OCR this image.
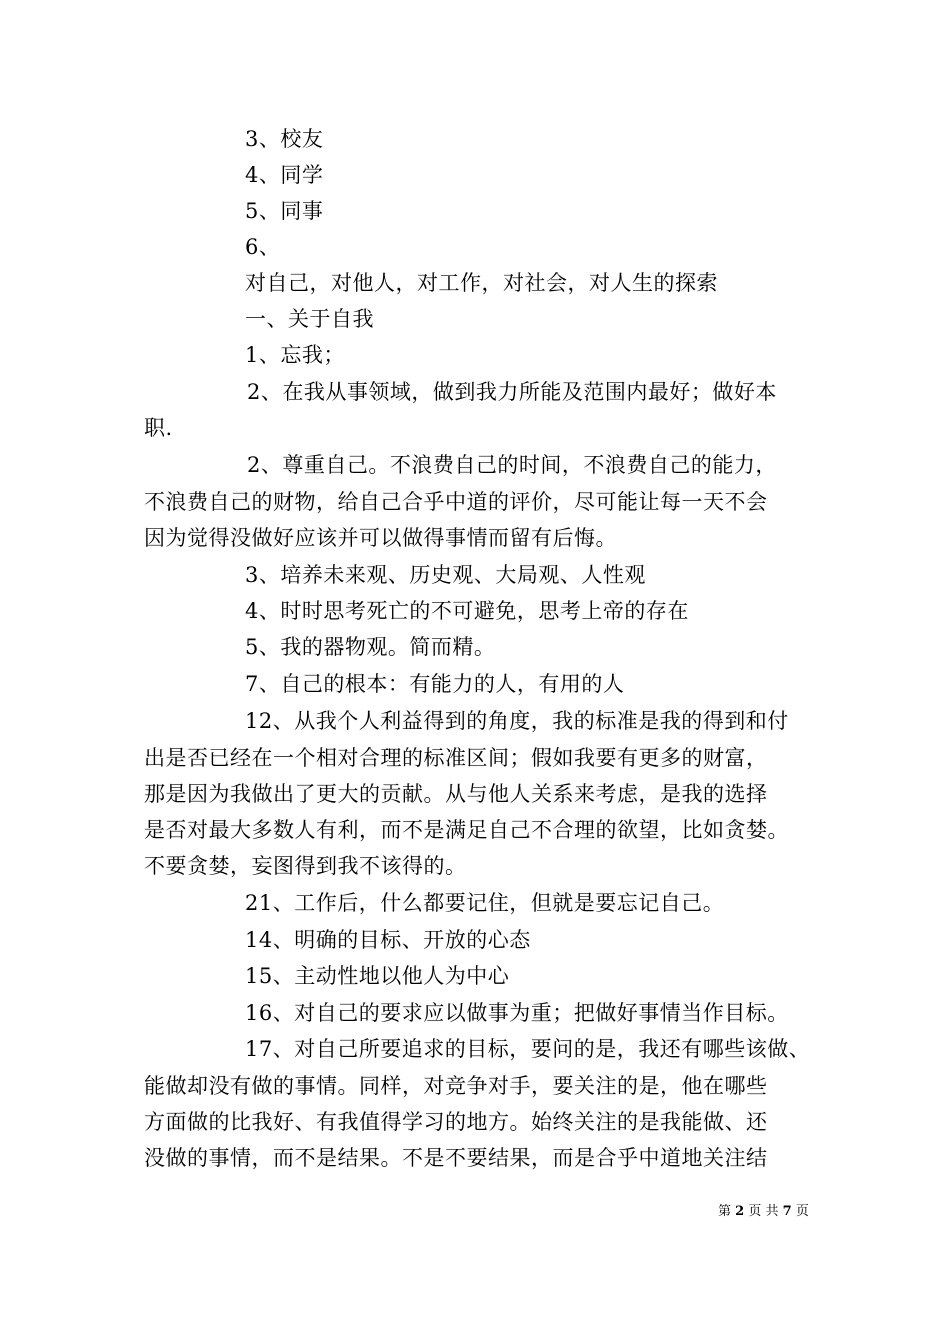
3、校友
4、同学
5、同事
6、
对自己，对他人，对工作，对社会，对人生的探索
一、关于自我
1、忘我；
2、在我从事领域，做到我力所能及范围内最好；做好本
职.
2、尊重自己。不浪费自己的时间，不浪费自己的能力，
不浪费自己的财物，给自己合乎中道的评价，尽可能让每一天不会
因为觉得没做好应该并可以做得事情而留有后悔。
3、培养未来观、历史观、大局观、人性观
4、时时思考死亡的不可避免，思考上帝的存在
5、我的器物观。简而精。
7、自己的根本：有能力的人，有用的人
12、从我个人利益得到的角度，我的标准是我的得到和付
出是否已经在一个相对合理的标准区间；假如我要有更多的财富，
那是因为我做出了更大的贡献。从与他人关系来考虑，是我的选择
是否对最大多数人有利，而不是满足自己不合理的欲望，比如贪婪。
不要贪婪，妄图得到我不该得的。
21、工作后，什么都要记住，但就是要忘记自己。
14、明确的目标、开放的心态
15、主动性地以他人为中心
16、对自己的要求应以做事为重；把做好事情当作目标。
17、对自己所要追求的目标，要问的是，我还有哪些该做、
能做却没有做的事情。同样，对竞争对手，要关注的是，他在哪些
方面做的比我好、有我值得学习的地方。始终关注的是我能做、还
没做的事情，而不是结果。不是不要结果，而是合乎中道地关注结
第 2 页 共 7 页
